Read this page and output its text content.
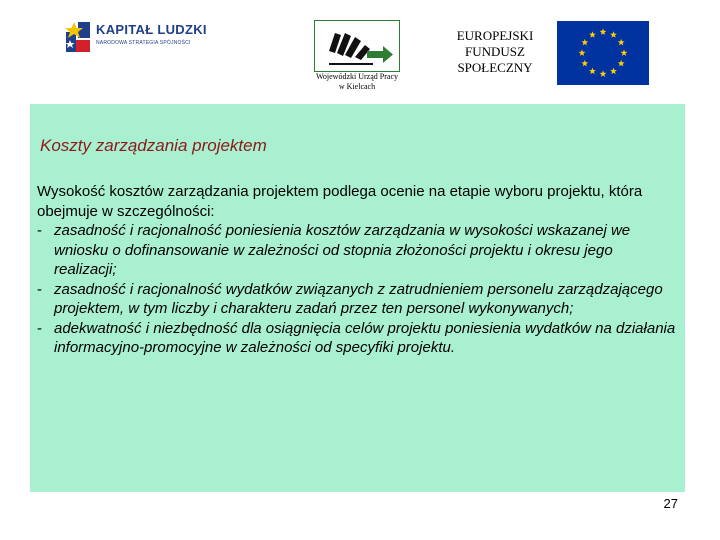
KAPITAŁ LUDZKI
NARODOWA STRATEGIA SPÓJNOŚCI
Wojewódzki Urząd Pracy
w Kielcach
EUROPEJSKI
FUNDUSZ
SPOŁECZNY
Koszty zarządzania projektem

Wysokość kosztów zarządzania projektem podlega ocenie na etapie wyboru projektu, która obejmuje w szczególności:

- zasadność i racjonalność poniesienia kosztów zarządzania w wysokości wskazanej we wniosku o dofinansowanie w zależności od stopnia złożoności projektu i okresu jego realizacji;

- zasadność i racjonalność wydatków związanych z zatrudnieniem personelu zarządzającego projektem, w tym liczby i charakteru zadań przez ten personel wykonywanych;

- adekwatność i niezbędność dla osiągnięcia celów projektu poniesienia wydatków na działania informacyjno-promocyjne w zależności od specyfiki projektu.

27
